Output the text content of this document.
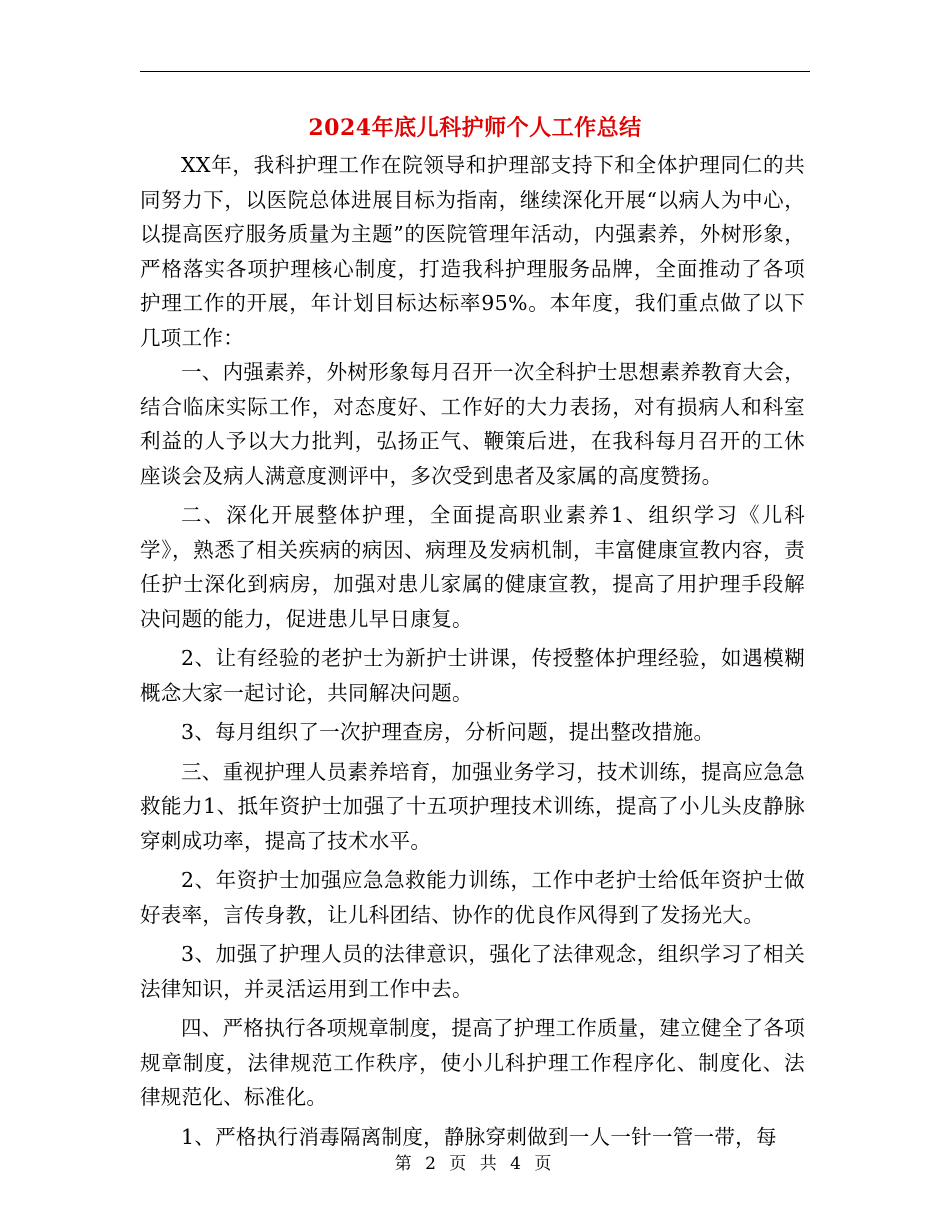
2024年底儿科护师个人工作总结

XX年，我科护理工作在院领导和护理部支持下和全体护理同仁的共同努力下，以医院总体进展目标为指南，继续深化开展“以病人为中心，以提高医疗服务质量为主题”的医院管理年活动，内强素养，外树形象，严格落实各项护理核心制度，打造我科护理服务品牌，全面推动了各项护理工作的开展，年计划目标达标率95%。本年度，我们重点做了以下几项工作：

一、内强素养，外树形象每月召开一次全科护士思想素养教育大会，结合临床实际工作，对态度好、工作好的大力表扬，对有损病人和科室利益的人予以大力批判，弘扬正气、鞭策后进，在我科每月召开的工休座谈会及病人满意度测评中，多次受到患者及家属的高度赞扬。

二、深化开展整体护理，全面提高职业素养1、组织学习《儿科学》，熟悉了相关疾病的病因、病理及发病机制，丰富健康宣教内容，责任护士深化到病房，加强对患儿家属的健康宣教，提高了用护理手段解决问题的能力，促进患儿早日康复。

2、让有经验的老护士为新护士讲课，传授整体护理经验，如遇模糊概念大家一起讨论，共同解决问题。

3、每月组织了一次护理查房，分析问题，提出整改措施。

三、重视护理人员素养培育，加强业务学习，技术训练，提高应急急救能力1、抵年资护士加强了十五项护理技术训练，提高了小儿头皮静脉穿刺成功率，提高了技术水平。

2、年资护士加强应急急救能力训练，工作中老护士给低年资护士做好表率，言传身教，让儿科团结、协作的优良作风得到了发扬光大。

3、加强了护理人员的法律意识，强化了法律观念，组织学习了相关法律知识，并灵活运用到工作中去。

四、严格执行各项规章制度，提高了护理工作质量，建立健全了各项规章制度，法律规范工作秩序，使小儿科护理工作程序化、制度化、法律规范化、标准化。

1、严格执行消毒隔离制度，静脉穿刺做到一人一针一管一带，每

第 2 页 共 4 页
